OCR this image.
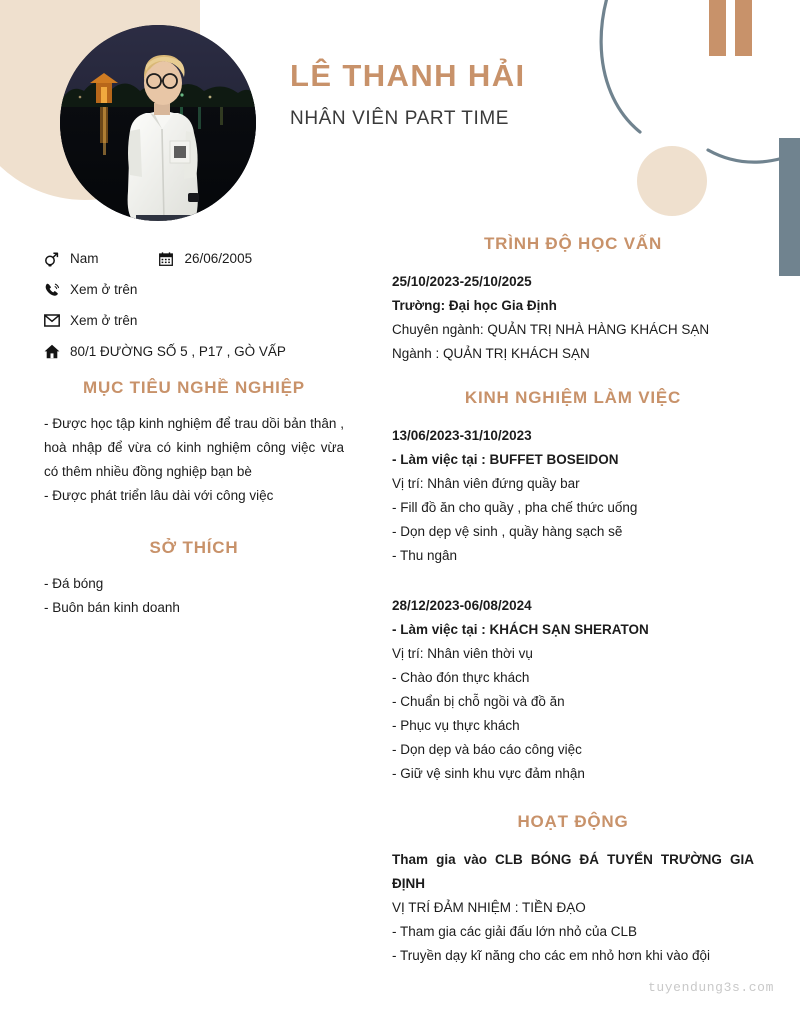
LÊ THANH HẢI

NHÂN VIÊN PART TIME

Nam	26/06/2005
Xem ở trên
Xem ở trên
80/1 ĐƯỜNG SỐ 5 , P17 , GÒ VẤP
MỤC TIÊU NGHỀ NGHIỆP

- Được học tập kinh nghiệm để trau dồi bản thân , hoà nhập để vừa có kinh nghiệm công việc vừa có thêm nhiều đồng nghiệp bạn bè

- Được phát triển lâu dài với công việc

SỞ THÍCH

- Đá bóng

- Buôn bán kinh doanh

TRÌNH ĐỘ HỌC VẤN

25/10/2023-25/10/2025

Trường: Đại học Gia Định

Chuyên ngành: QUẢN TRỊ NHÀ HÀNG KHÁCH SẠN

Ngành : QUẢN TRỊ KHÁCH SẠN

KINH NGHIỆM LÀM VIỆC

13/06/2023-31/10/2023

- Làm việc tại : BUFFET BOSEIDON

Vị trí: Nhân viên đứng quầy bar

- Fill đồ ăn cho quầy , pha chế thức uống

- Dọn dẹp vệ sinh , quầy hàng sạch sẽ

- Thu ngân

28/12/2023-06/08/2024

- Làm việc tại : KHÁCH SẠN SHERATON

Vị trí: Nhân viên thời vụ

- Chào đón thực khách

- Chuẩn bị chỗ ngồi và đồ ăn

- Phục vụ thực khách

- Dọn dẹp và báo cáo công việc

- Giữ vệ sinh khu vực đảm nhận

HOẠT ĐỘNG

Tham gia vào CLB BÓNG ĐÁ TUYỂN TRƯỜNG GIA ĐỊNH

VỊ TRÍ ĐẢM NHIỆM : TIỀN ĐẠO

- Tham gia các giải đấu lớn nhỏ của CLB

- Truyền dạy kĩ năng cho các em nhỏ hơn khi vào đội

tuyendung3s.com
